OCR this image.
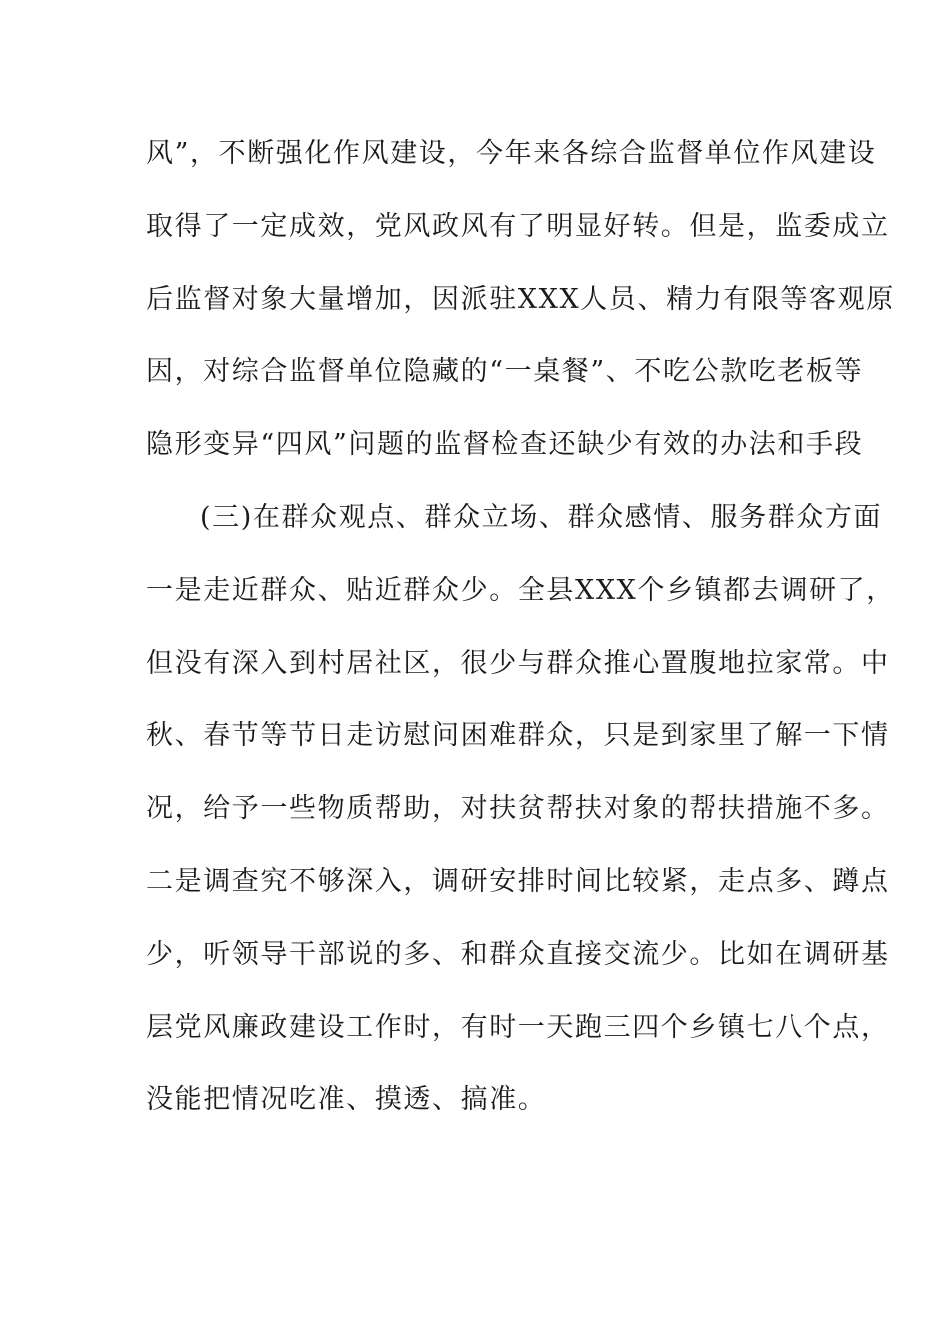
风”，不断强化作风建设，今年来各综合监督单位作风建设
取得了一定成效，党风政风有了明显好转。但是，监委成立
后监督对象大量增加，因派驻XXX人员、精力有限等客观原
因，对综合监督单位隐藏的“一桌餐”、不吃公款吃老板等
隐形变异“四风”问题的监督检查还缺少有效的办法和手段
(三)在群众观点、群众立场、群众感情、服务群众方面
一是走近群众、贴近群众少。全县XXX个乡镇都去调研了，
但没有深入到村居社区，很少与群众推心置腹地拉家常。中
秋、春节等节日走访慰问困难群众，只是到家里了解一下情
况，给予一些物质帮助，对扶贫帮扶对象的帮扶措施不多。
二是调查究不够深入，调研安排时间比较紧，走点多、蹲点
少，听领导干部说的多、和群众直接交流少。比如在调研基
层党风廉政建设工作时，有时一天跑三四个乡镇七八个点，
没能把情况吃准、摸透、搞准。
